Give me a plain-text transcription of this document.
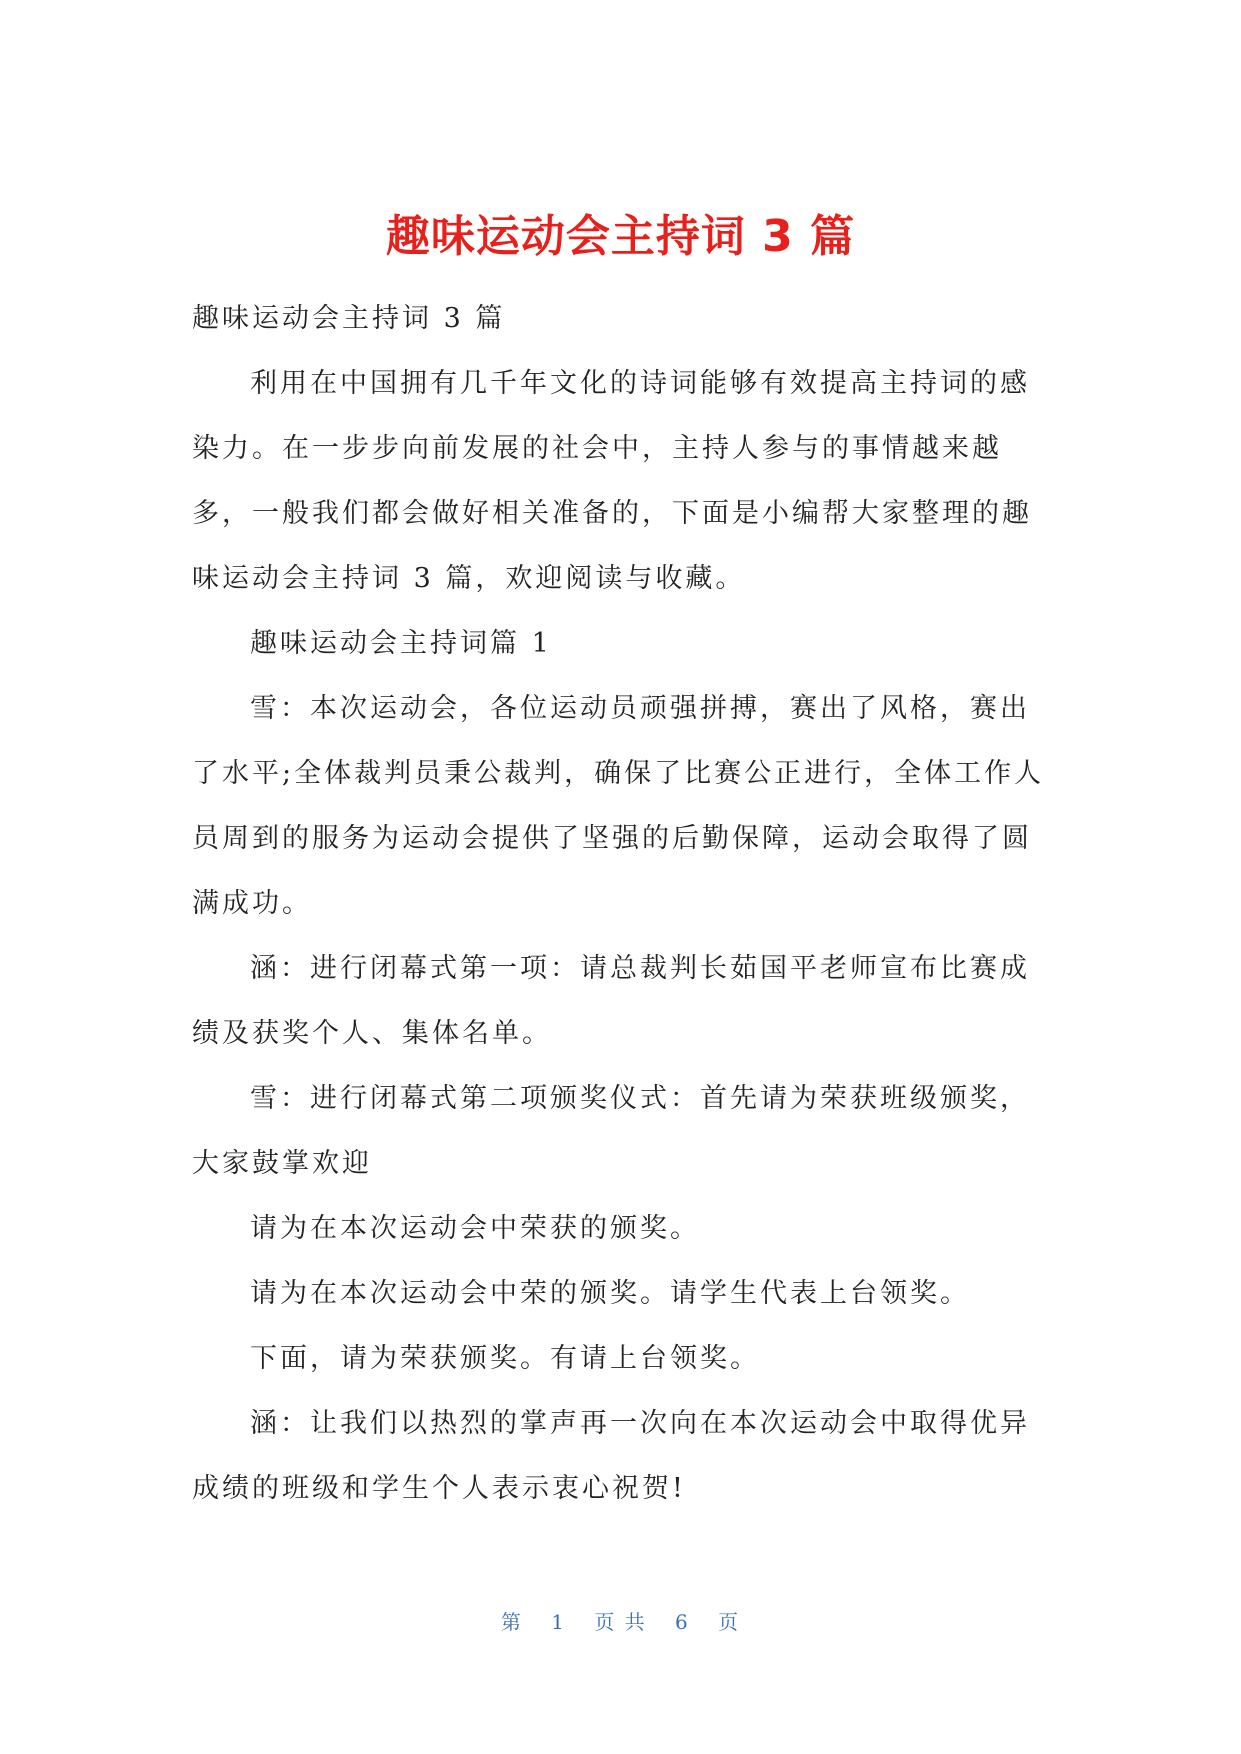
趣味运动会主持词 3 篇

趣味运动会主持词 3 篇

利用在中国拥有几千年文化的诗词能够有效提高主持词的感染力。在一步步向前发展的社会中，主持人参与的事情越来越多，一般我们都会做好相关准备的，下面是小编帮大家整理的趣味运动会主持词 3 篇，欢迎阅读与收藏。

趣味运动会主持词篇 1

雪：本次运动会，各位运动员顽强拼搏，赛出了风格，赛出了水平;全体裁判员秉公裁判，确保了比赛公正进行，全体工作人员周到的服务为运动会提供了坚强的后勤保障，运动会取得了圆满成功。

涵：进行闭幕式第一项：请总裁判长茹国平老师宣布比赛成绩及获奖个人、集体名单。

雪：进行闭幕式第二项颁奖仪式：首先请为荣获班级颁奖，大家鼓掌欢迎

请为在本次运动会中荣获的颁奖。

请为在本次运动会中荣的颁奖。请学生代表上台领奖。

下面，请为荣获颁奖。有请上台领奖。

涵：让我们以热烈的掌声再一次向在本次运动会中取得优异成绩的班级和学生个人表示衷心祝贺!

第 1 页 共 6 页
